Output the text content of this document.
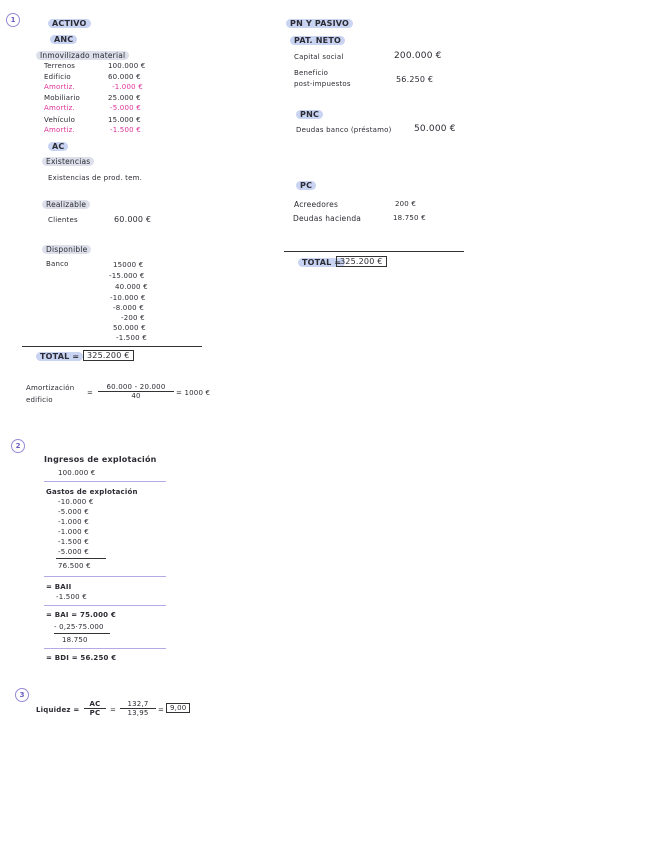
1	ACTIVO
ANC
Inmovilizado material
Terrenos	100.000 €
Edificio	60.000 €
Amortiz.	-1.000 €
Mobiliario	25.000 €
Amortiz.	-5.000 €
Vehículo	15.000 €
Amortiz.	-1.500 €
AC
Existencias
Existencias de prod. tem.
Realizable
Clientes	60.000 €
Disponible
Banco	15000 €
-15.000 €
40.000 €
-10.000 €
-8.000 €
-200 €
50.000 €
-1.500 €
TOTAL = 325.200 €
Amortización
edificio
= $\frac{60.000 - 20.000}{40} = 1000$ €
PN Y PASIVO
PAT. NETO
Capital social	200.000 €
Beneficio
post-impuestos	56.250 €
PNC
Deudas banco (préstamo) 50.000 €
PC
Acreedores	200 €
Deudas hacienda	18.750 €
TOTAL =
325.200 €
2
Ingresos de explotación
100.000 €
Gastos de explotación
-10.000 €
-5.000 €
-1.000 €
-1.000 €
-1.500 €
-5.000 €
76.500 €
= BAII
-1.500 €
= BAI = 75.000 €
- 0,25·75.000
18.750
= BDI = 56.250 €
3
Liquidez = $\frac{AC}{PC} = \frac{132,7}{13,95} = 9,00$
